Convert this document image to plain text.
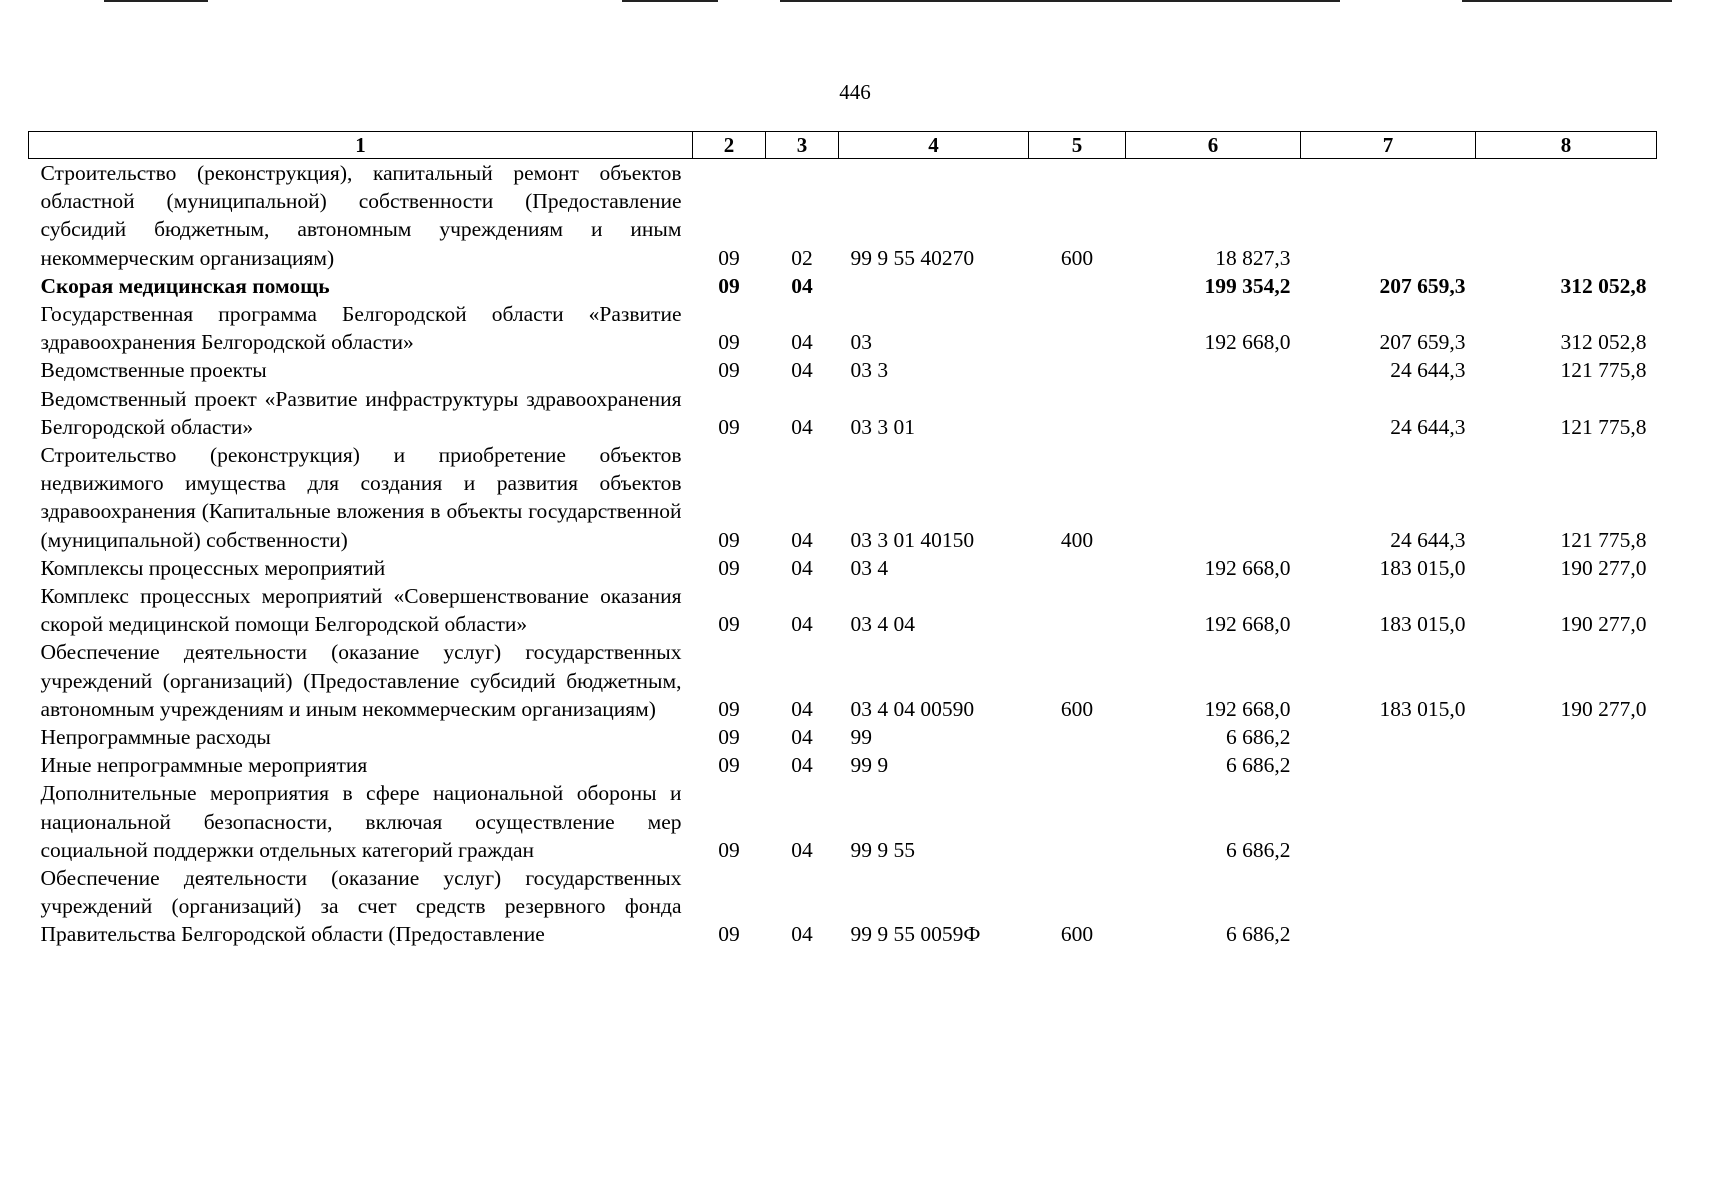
446
1	2	3	4	5	6	7	8
Строительство (реконструкция), капитальный ремонт объектов областной (муниципальной) собственности (Предоставление субсидий бюджетным, автономным учреждениям и иным некоммерческим организациям)	09	02	99 9 55 40270	600	18 827,3		
Скорая медицинская помощь	09	04			199 354,2	207 659,3	312 052,8
Государственная программа Белгородской области «Развитие здравоохранения Белгородской области»	09	04	03		192 668,0	207 659,3	312 052,8
Ведомственные проекты	09	04	03 3			24 644,3	121 775,8
Ведомственный проект «Развитие инфраструктуры здравоохранения Белгородской области»	09	04	03 3 01			24 644,3	121 775,8
Строительство (реконструкция) и приобретение объектов недвижимого имущества для создания и развития объектов здравоохранения (Капитальные вложения в объекты государственной (муниципальной) собственности)	09	04	03 3 01 40150	400		24 644,3	121 775,8
Комплексы процессных мероприятий	09	04	03 4		192 668,0	183 015,0	190 277,0
Комплекс процессных мероприятий «Совершенствование оказания скорой медицинской помощи Белгородской области»	09	04	03 4 04		192 668,0	183 015,0	190 277,0
Обеспечение деятельности (оказание услуг) государственных учреждений (организаций) (Предоставление субсидий бюджетным, автономным учреждениям и иным некоммерческим организациям)	09	04	03 4 04 00590	600	192 668,0	183 015,0	190 277,0
Непрограммные расходы	09	04	99		6 686,2		
Иные непрограммные мероприятия	09	04	99 9		6 686,2		
Дополнительные мероприятия в сфере национальной обороны и национальной безопасности, включая осуществление мер социальной поддержки отдельных категорий граждан	09	04	99 9 55		6 686,2		
Обеспечение деятельности (оказание услуг) государственных учреждений (организаций) за счет средств резервного фонда Правительства Белгородской области (Предоставление	09	04	99 9 55 0059Ф	600	6 686,2		
